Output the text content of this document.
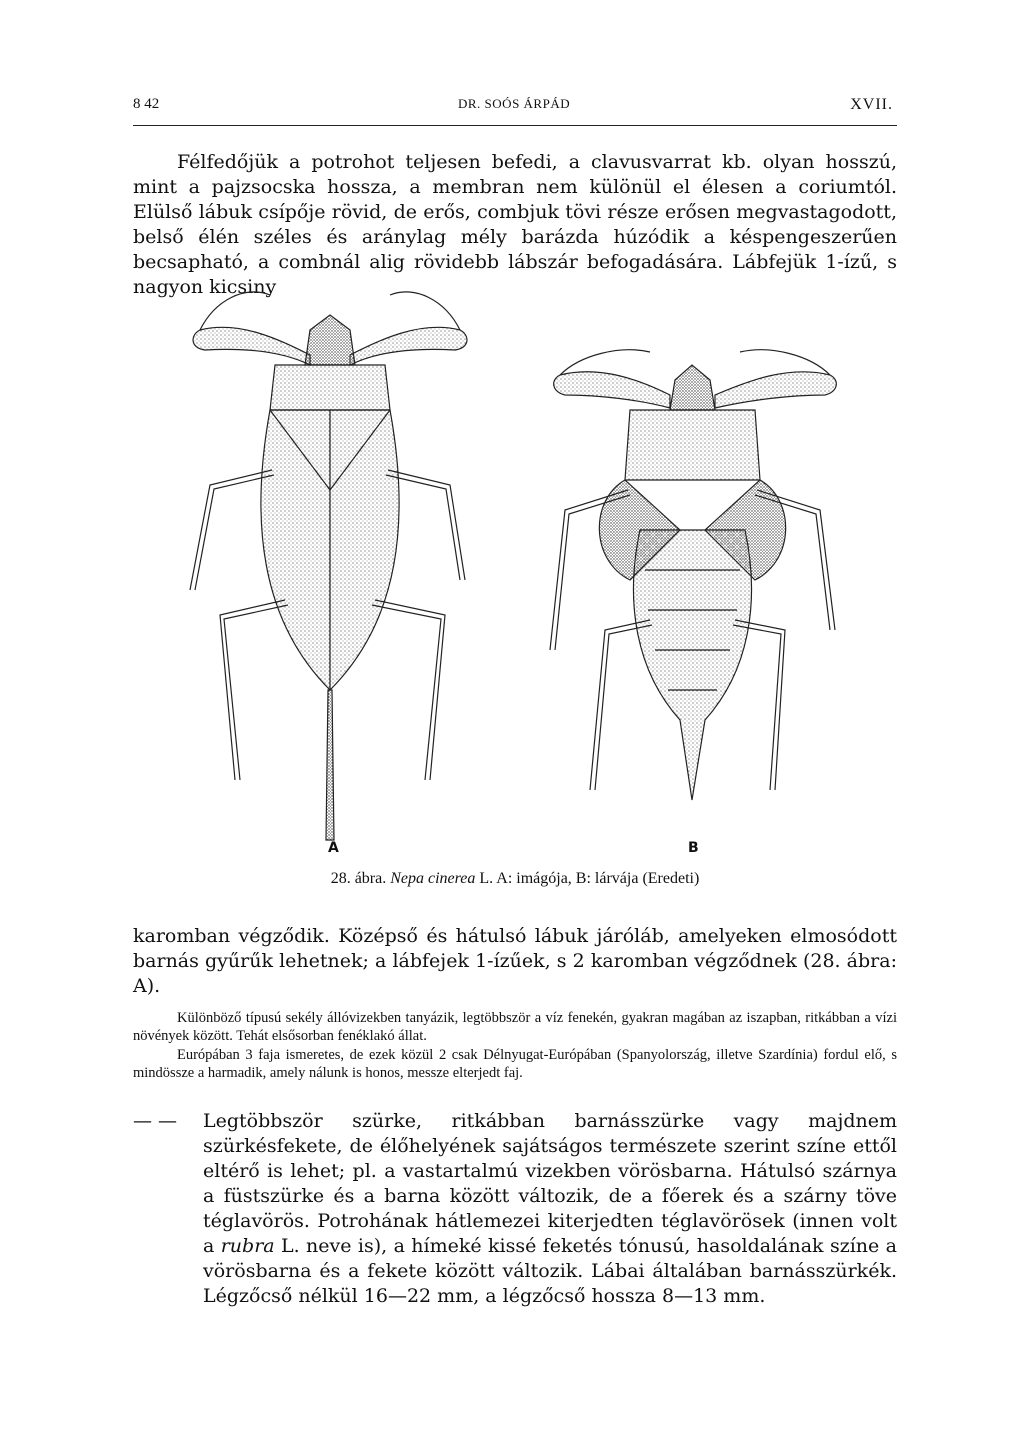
8 42	DR. SOÓS ÁRPÁD	XVII.
Félfedőjük a potrohot teljesen befedi, a clavusvarrat kb. olyan hosszú, mint a pajzsocska hossza, a membran nem különül el élesen a coriumtól. Elülső lábuk csípője rövid, de erős, combjuk tövi része erősen megvastagodott, belső élén széles és aránylag mély barázda húzódik a késpengeszerűen becsapható, a combnál alig rövidebb lábszár befogadására. Lábfejük 1-ízű, s nagyon kicsiny
A	B
28. ábra. Nepa cinerea L. A: imágója, B: lárvája (Eredeti)
karomban végződik. Középső és hátulsó lábuk járóláb, amelyeken elmosódott barnás gyűrűk lehetnek; a lábfejek 1-ízűek, s 2 karomban végződnek (28. ábra: A).
Különböző típusú sekély állóvizekben tanyázik, legtöbbször a víz fenekén, gyakran magában az iszapban, ritkábban a vízi növények között. Tehát elsősorban fenéklakó állat.
Európában 3 faja ismeretes, de ezek közül 2 csak Délnyugat-Európában (Spanyolország, illetve Szardínia) fordul elő, s mindössze a harmadik, amely nálunk is honos, messze elterjedt faj.
— —	Legtöbbször szürke, ritkábban barnásszürke vagy majdnem szürkésfekete, de élőhelyének sajátságos természete szerint színe ettől eltérő is lehet; pl. a vastartalmú vizekben vörösbarna. Hátulsó szárnya a füstszürke és a barna között változik, de a főerek és a szárny töve téglavörös. Potrohának hátlemezei kiterjedten téglavörösek (innen volt a rubra L. neve is), a hímeké kissé feketés tónusú, hasoldalának színe a vörösbarna és a fekete között változik. Lábai általában barnásszürkék. Légzőcső nélkül 16—22 mm, a légzőcső hossza 8—13 mm.
